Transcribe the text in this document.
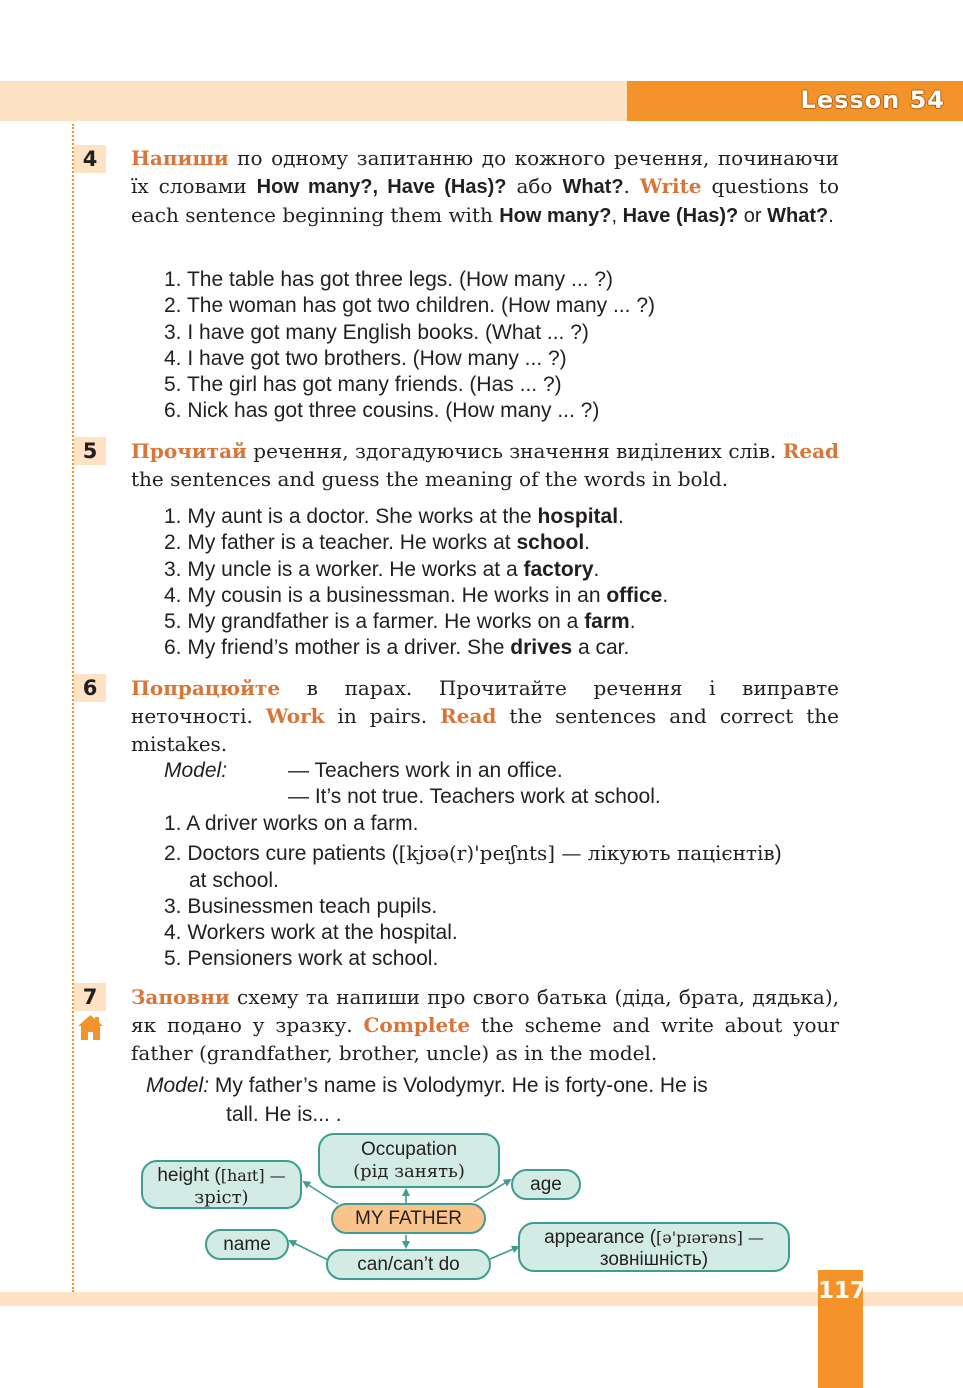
Lesson 54
4	Напиши по одному запитанню до кожного речення, починаючи їх словами How many?, Have (Has)? або What?. Write questions to each sentence beginning them with How many?, Have (Has)? or What?.
1. The table has got three legs. (How many ... ?)
2. The woman has got two children. (How many ... ?)
3. I have got many English books. (What ... ?)
4. I have got two brothers. (How many ... ?)
5. The girl has got many friends. (Has ... ?)
6. Nick has got three cousins. (How many ... ?)
5	Прочитай речення, здогадуючись значення виділених слів. Read the sentences and guess the meaning of the words in bold.
1. My aunt is a doctor. She works at the hospital.
2. My father is a teacher. He works at school.
3. My uncle is a worker. He works at a factory.
4. My cousin is a businessman. He works in an office.
5. My grandfather is a farmer. He works on a farm.
6. My friend’s mother is a driver. She drives a car.
6	Попрацюйте в парах. Прочитайте речення і виправте неточності. Work in pairs. Read the sentences and correct the mistakes.
Model:	— Teachers work in an office.
— It’s not true. Teachers work at school.
1. A driver works on a farm.
2. Doctors cure patients ([kjʊə(r)'peɪʃnts] — лікують пацієнтів)
at school.
3. Businessmen teach pupils.
4. Workers work at the hospital.
5. Pensioners work at school.
7	Заповни схему та напиши про свого батька (діда, брата, дядька), як подано у зразку. Complete the scheme and write about your father (grandfather, brother, uncle) as in the model.
Model: My father’s name is Volodymyr. He is forty-one. He is
tall. He is... .
Occupation
(рід занять)
height ([haɪt] —
зріст)
age
MY FATHER
name
can/can’t do
appearance ([ə'pɪərəns] —
зовнішність)
117
